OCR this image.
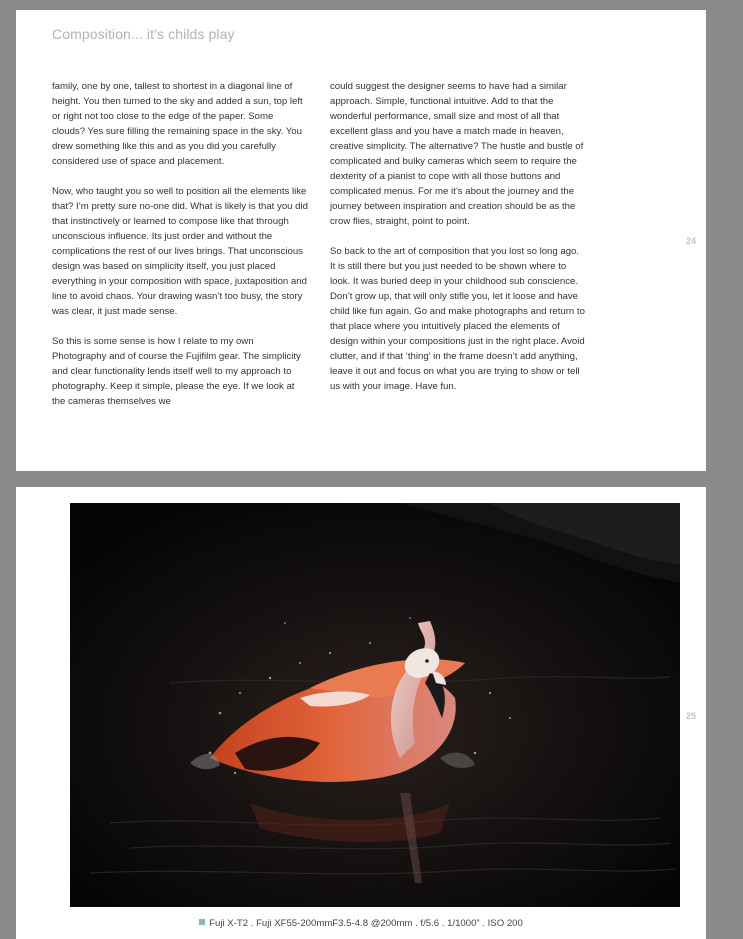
Composition... it’s childs play

family, one by one, tallest to shortest in a diagonal line of height. You then turned to the sky and added a sun, top left or right not too close to the edge of the paper. Some clouds? Yes sure filling the remaining space in the sky. You drew something like this and as you did you carefully considered use of space and placement.

Now, who taught you so well to position all the elements like that? I’m pretty sure no-one did. What is likely is that you did that instinctively or learned to compose like that through unconscious influence. Its just order and without the complications the rest of our lives brings. That unconscious design was based on simplicity itself, you just placed everything in your composition with space, juxtaposition and line to avoid chaos. Your drawing wasn’t too busy, the story was clear, it just made sense.

So this is some sense is how I relate to my own Photography and of course the Fujifilm gear. The simplicity and clear functionality lends itself well to my approach to photography. Keep it simple, please the eye. If we look at the cameras themselves we

could suggest the designer seems to have had a similar approach. Simple, functional intuitive. Add to that the wonderful performance, small size and most of all that excellent glass and you have a match made in heaven, creative simplicity. The alternative? The hustle and bustle of complicated and bulky cameras which seem to require the dexterity of a pianist to cope with all those buttons and complicated menus. For me it’s about the journey and the journey between inspiration and creation should be as the crow flies, straight, point to point.

So back to the art of composition that you lost so long ago. It is still there but you just needed to be shown where to look. It was buried deep in your childhood sub conscience. Don’t grow up, that will only stifle you, let it loose and have child like fun again. Go and make photographs and return to that place where you intuitively placed the elements of design within your compositions just in the right place. Avoid clutter, and if that ‘thing’ in the frame doesn’t add anything, leave it out and focus on what you are trying to show or tell us with your image. Have fun.

24
25
Fuji X-T2 . Fuji XF55-200mmF3.5-4.8 @200mm . f/5.6 . 1/1000” . ISO 200
